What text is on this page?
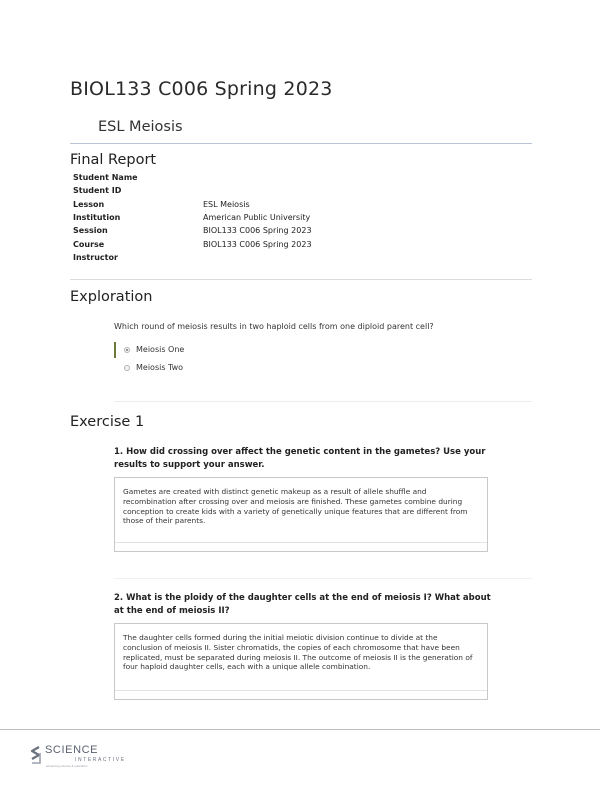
BIOL133 C006 Spring 2023
ESL Meiosis
Final Report
Student Name
Student ID
Lesson	ESL Meiosis
Institution	American Public University
Session	BIOL133 C006 Spring 2023
Course	BIOL133 C006 Spring 2023
Instructor
Exploration
Which round of meiosis results in two haploid cells from one diploid parent cell?
Meiosis One
Meiosis Two
Exercise 1
1. How did crossing over affect the genetic content in the gametes? Use your results to support your answer.
Gametes are created with distinct genetic makeup as a result of allele shuffle and recombination after crossing over and meiosis are finished. These gametes combine during conception to create kids with a variety of genetically unique features that are different from those of their parents.
2. What is the ploidy of the daughter cells at the end of meiosis I? What about at the end of meiosis II?
The daughter cells formed during the initial meiotic division continue to divide at the conclusion of meiosis II. Sister chromatids, the copies of each chromosome that have been replicated, must be separated during meiosis II. The outcome of meiosis II is the generation of four haploid daughter cells, each with a unique allele combination.
SCIENCE
INTERACTIVE
advancing science & education
